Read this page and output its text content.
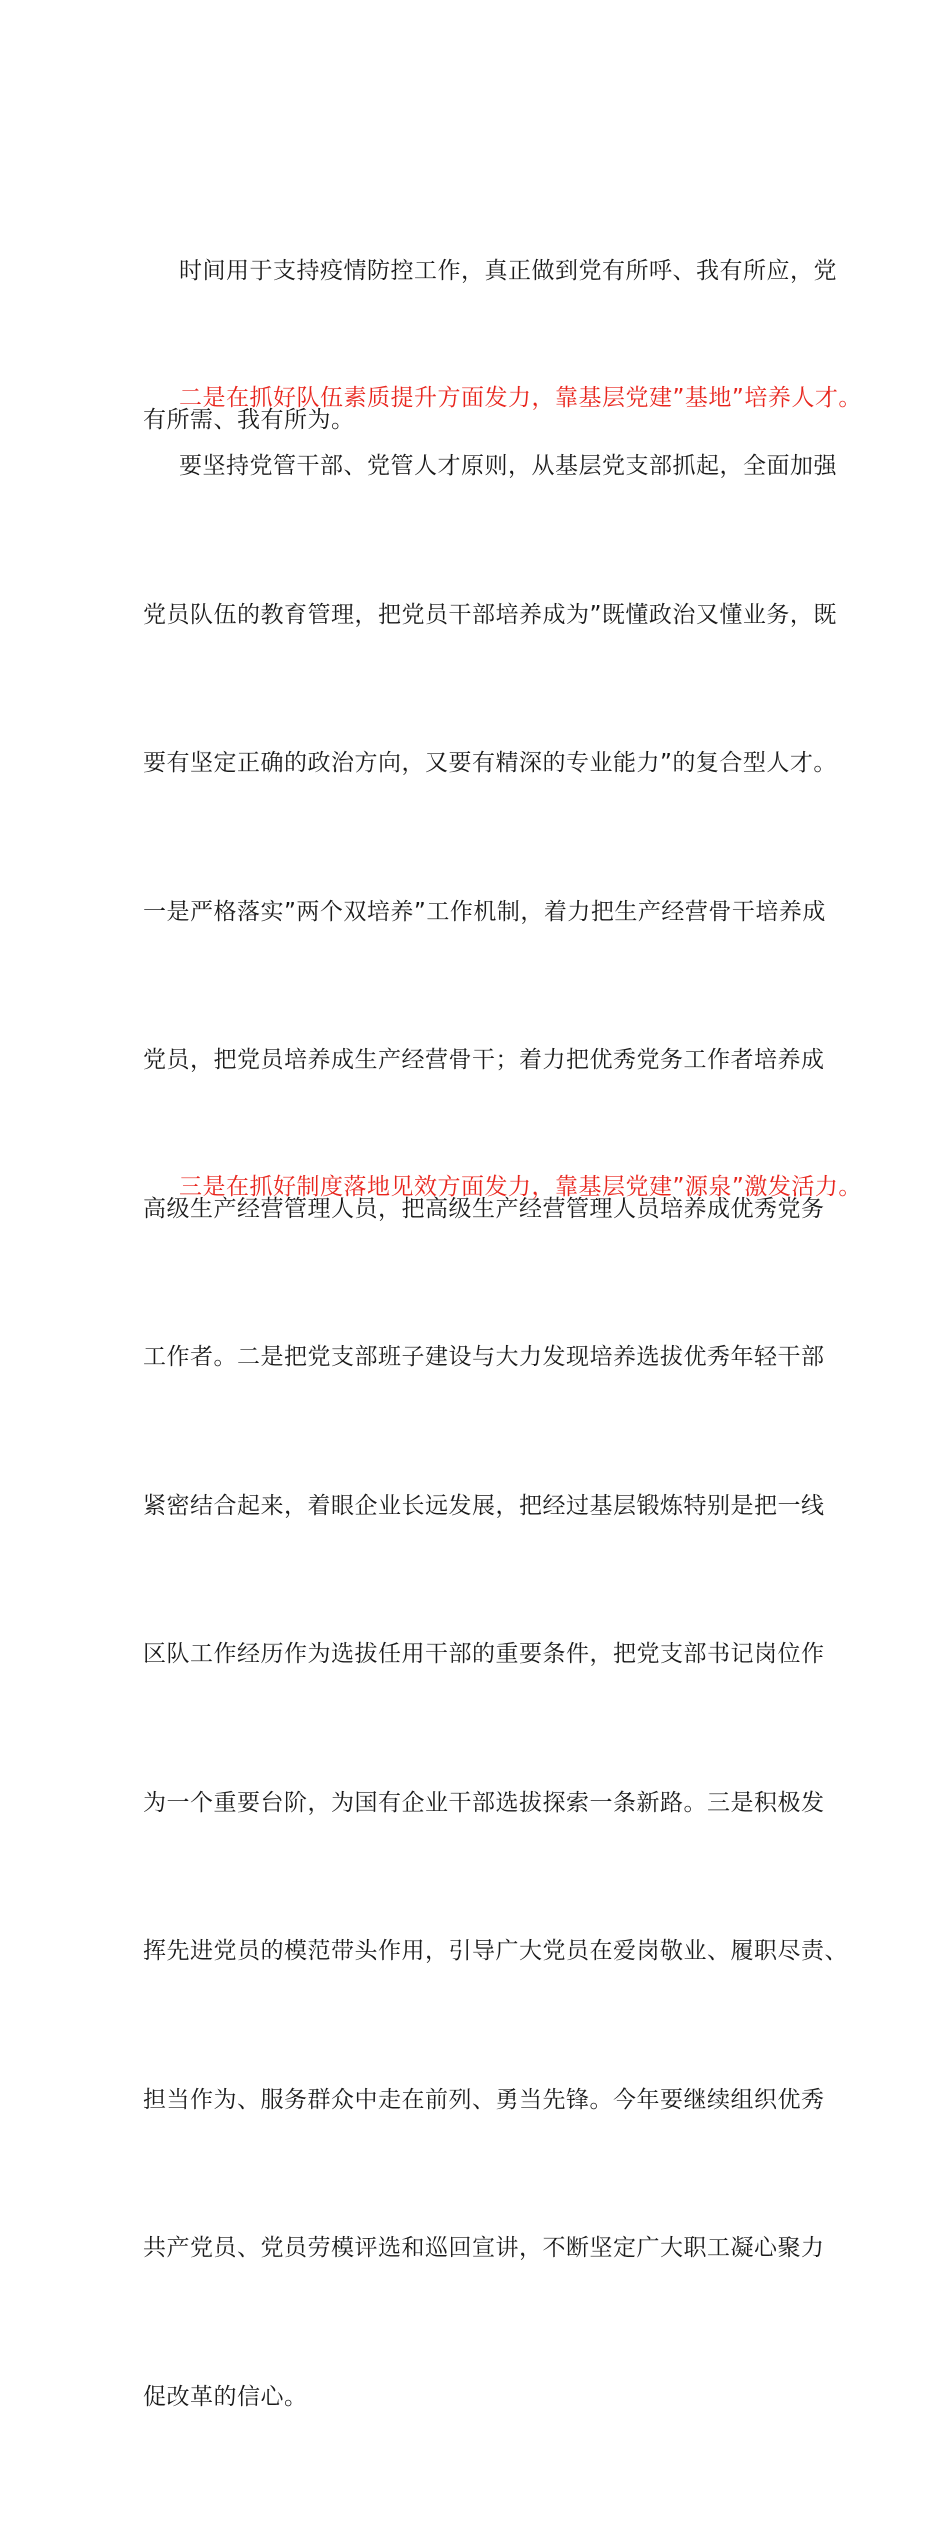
时间用于支持疫情防控工作，真正做到党有所呼、我有所应，党

有所需、我有所为。

二是在抓好队伍素质提升方面发力，靠基层党建”基地”培养人才。

要坚持党管干部、党管人才原则，从基层党支部抓起，全面加强

党员队伍的教育管理，把党员干部培养成为”既懂政治又懂业务，既

要有坚定正确的政治方向，又要有精深的专业能力”的复合型人才。

一是严格落实”两个双培养”工作机制，着力把生产经营骨干培养成

党员，把党员培养成生产经营骨干；着力把优秀党务工作者培养成

高级生产经营管理人员，把高级生产经营管理人员培养成优秀党务

工作者。二是把党支部班子建设与大力发现培养选拔优秀年轻干部

紧密结合起来，着眼企业长远发展，把经过基层锻炼特别是把一线

区队工作经历作为选拔任用干部的重要条件，把党支部书记岗位作

为一个重要台阶，为国有企业干部选拔探索一条新路。三是积极发

挥先进党员的模范带头作用，引导广大党员在爱岗敬业、履职尽责、

担当作为、服务群众中走在前列、勇当先锋。今年要继续组织优秀

共产党员、党员劳模评选和巡回宣讲，不断坚定广大职工凝心聚力

促改革的信心。

三是在抓好制度落地见效方面发力，靠基层党建”源泉”激发活力。
